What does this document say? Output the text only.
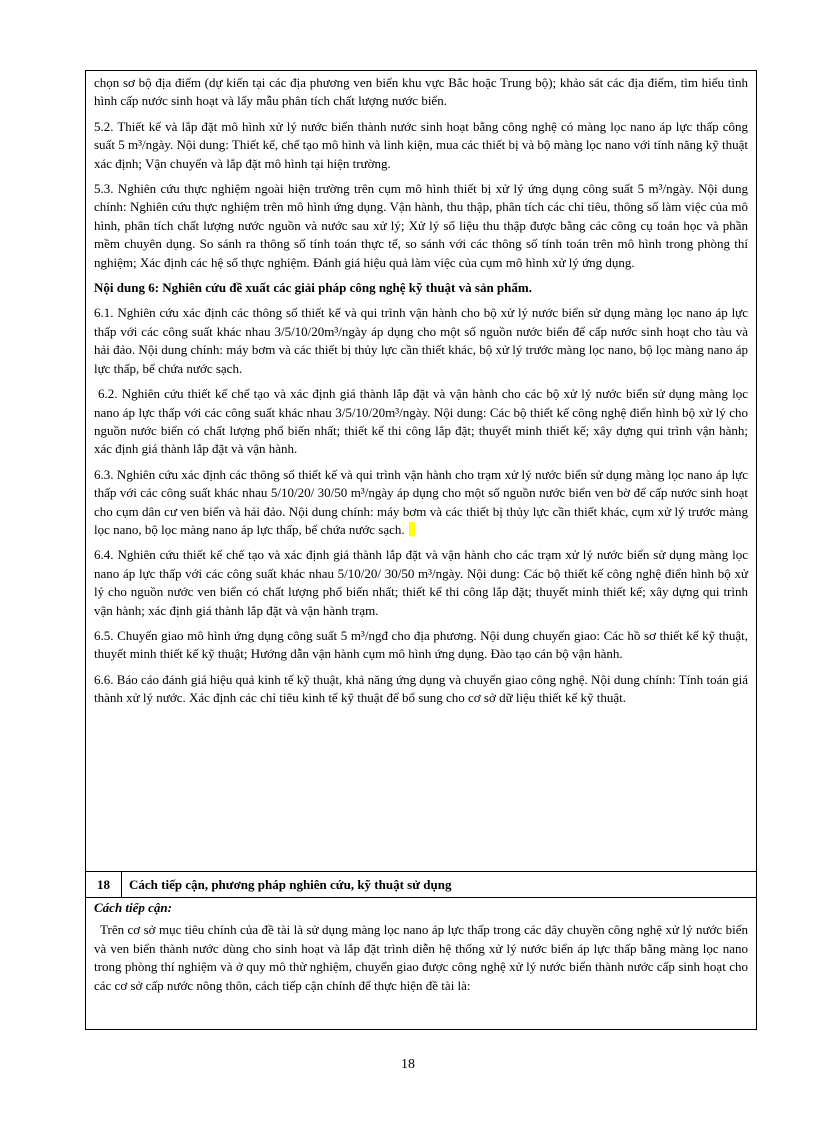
chọn sơ bộ địa điểm (dự kiến tại các địa phương ven biển khu vực Bắc hoặc Trung bộ); khảo sát các địa điểm, tìm hiểu tình hình cấp nước sinh hoạt và lấy mẫu phân tích chất lượng nước biển.

5.2. Thiết kế và lắp đặt mô hình xử lý nước biển thành nước sinh hoạt bằng công nghệ có màng lọc nano áp lực thấp công suất 5 m³/ngày. Nội dung: Thiết kế, chế tạo mô hình và linh kiện, mua các thiết bị và bộ màng lọc nano với tính năng kỹ thuật xác định; Vận chuyển và lắp đặt mô hình tại hiện trường.

5.3. Nghiên cứu thực nghiệm ngoài hiện trường trên cụm mô hình thiết bị xử lý ứng dụng công suất 5 m³/ngày. Nội dung chính: Nghiên cứu thực nghiệm trên mô hình ứng dụng. Vận hành, thu thập, phân tích các chỉ tiêu, thông số làm việc của mô hình, phân tích chất lượng nước nguồn và nước sau xử lý; Xử lý số liệu thu thập được bằng các công cụ toán học và phần mềm chuyên dụng. So sánh ra thông số tính toán thực tế, so sánh với các thông số tính toán trên mô hình trong phòng thí nghiệm; Xác định các hệ số thực nghiệm. Đánh giá hiệu quả làm việc của cụm mô hình xử lý ứng dụng.

Nội dung 6: Nghiên cứu đề xuất các giải pháp công nghệ kỹ thuật và sản phẩm.

6.1. Nghiên cứu xác định các thông số thiết kế và qui trình vận hành cho bộ xử lý nước biển sử dụng màng lọc nano áp lực thấp với các công suất khác nhau 3/5/10/20m³/ngày áp dụng cho một số nguồn nước biển để cấp nước sinh hoạt cho tàu và hải đảo. Nội dung chính: máy bơm và các thiết bị thủy lực cần thiết khác, bộ xử lý trước màng lọc nano, bộ lọc màng nano áp lực thấp, bể chứa nước sạch.

6.2. Nghiên cứu thiết kế chế tạo và xác định giá thành lắp đặt và vận hành cho các bộ xử lý nước biển sử dụng màng lọc nano áp lực thấp với các công suất khác nhau 3/5/10/20m³/ngày. Nội dung: Các bộ thiết kế công nghệ điển hình bộ xử lý cho nguồn nước biển có chất lượng phổ biến nhất; thiết kế thi công lắp đặt; thuyết minh thiết kế; xây dựng qui trình vận hành; xác định giá thành lắp đặt và vận hành.

6.3. Nghiên cứu xác định các thông số thiết kế và qui trình vận hành cho trạm xử lý nước biển sử dụng màng lọc nano áp lực thấp với các công suất khác nhau 5/10/20/ 30/50 m³/ngày áp dụng cho một số nguồn nước biển ven bờ để cấp nước sinh hoạt cho cụm dân cư ven biển và hải đảo. Nội dung chính: máy bơm và các thiết bị thủy lực cần thiết khác, cụm xử lý trước màng lọc nano, bộ lọc màng nano áp lực thấp, bể chứa nước sạch.

6.4. Nghiên cứu thiết kế chế tạo và xác định giá thành lắp đặt và vận hành cho các trạm xử lý nước biển sử dụng màng lọc nano áp lực thấp với các công suất khác nhau 5/10/20/ 30/50 m³/ngày. Nội dung: Các bộ thiết kế công nghệ điển hình bộ xử lý cho nguồn nước ven biển có chất lượng phổ biến nhất; thiết kế thi công lắp đặt; thuyết minh thiết kế; xây dựng qui trình vận hành; xác định giá thành lắp đặt và vận hành trạm.

6.5. Chuyển giao mô hình ứng dụng công suất 5 m³/ngđ cho địa phương. Nội dung chuyển giao: Các hồ sơ thiết kế kỹ thuật, thuyết minh thiết kế kỹ thuật; Hướng dẫn vận hành cụm mô hình ứng dụng. Đào tạo cán bộ vận hành.

6.6. Báo cáo đánh giá hiệu quả kinh tế kỹ thuật, khả năng ứng dụng và chuyển giao công nghệ. Nội dung chính: Tính toán giá thành xử lý nước. Xác định các chỉ tiêu kinh tế kỹ thuật để bổ sung cho cơ sở dữ liệu thiết kế kỹ thuật.

18	Cách tiếp cận, phương pháp nghiên cứu, kỹ thuật sử dụng
Cách tiếp cận:

Trên cơ sở mục tiêu chính của đề tài là sử dụng màng lọc nano áp lực thấp trong các dây chuyền công nghệ xử lý nước biển và ven biển thành nước dùng cho sinh hoạt và lắp đặt trình diễn hệ thống xử lý nước biển áp lực thấp bằng màng lọc nano trong phòng thí nghiệm và ở quy mô thử nghiệm, chuyển giao được công nghệ xử lý nước biển thành nước cấp sinh hoạt cho các cơ sở cấp nước nông thôn, cách tiếp cận chính để thực hiện đề tài là:

18
